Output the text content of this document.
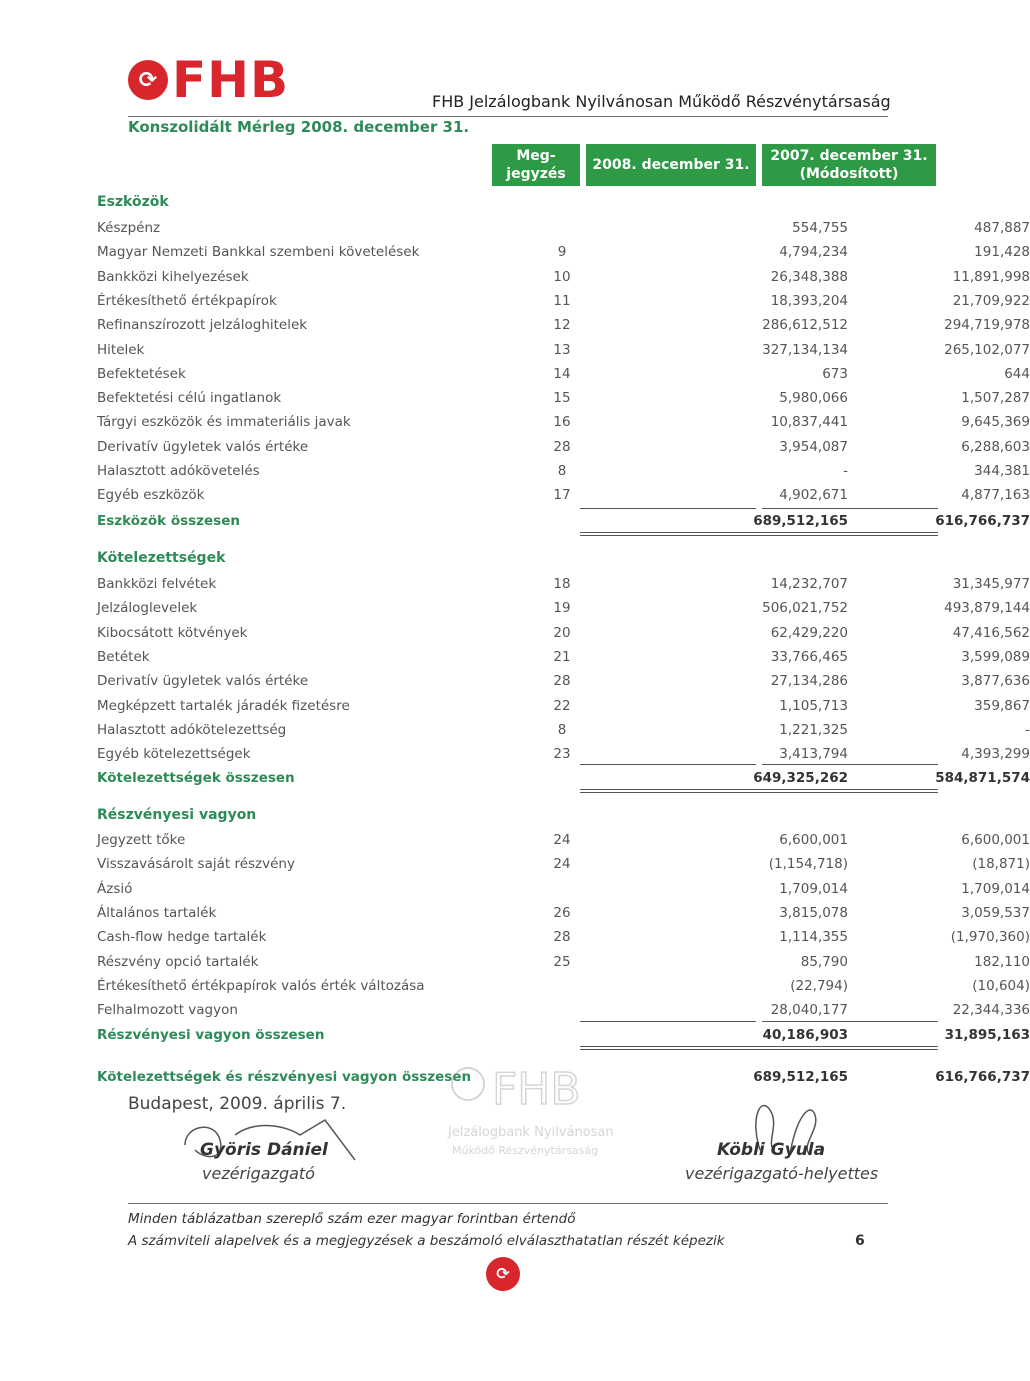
⟳ FHB	FHB Jelzálogbank Nyilvánosan Működő Részvénytársaság
Konszolidált Mérleg 2008. december 31.
Meg-
jegyzés
2008. december 31.
2007. december 31.
(Módosított)
Eszközök
Készpénz	554,755	487,887
Magyar Nemzeti Bankkal szembeni követelések	9	4,794,234	191,428
Bankközi kihelyezések	10	26,348,388	11,891,998
Értékesíthető értékpapírok	11	18,393,204	21,709,922
Refinanszírozott jelzáloghitelek	12	286,612,512	294,719,978
Hitelek	13	327,134,134	265,102,077
Befektetések	14	673	644
Befektetési célú ingatlanok	15	5,980,066	1,507,287
Tárgyi eszközök és immateriális javak	16	10,837,441	9,645,369
Derivatív ügyletek valós értéke	28	3,954,087	6,288,603
Halasztott adókövetelés	8	-	344,381
Egyéb eszközök	17	4,902,671	4,877,163
Eszközök összesen	689,512,165	616,766,737
Kötelezettségek
Bankközi felvétek	18	14,232,707	31,345,977
Jelzáloglevelek	19	506,021,752	493,879,144
Kibocsátott kötvények	20	62,429,220	47,416,562
Betétek	21	33,766,465	3,599,089
Derivatív ügyletek valós értéke	28	27,134,286	3,877,636
Megképzett tartalék járadék fizetésre	22	1,105,713	359,867
Halasztott adókötelezettség	8	1,221,325	-
Egyéb kötelezettségek	23	3,413,794	4,393,299
Kötelezettségek összesen	649,325,262	584,871,574
Részvényesi vagyon
Jegyzett tőke	24	6,600,001	6,600,001
Visszavásárolt saját részvény	24	(1,154,718)	(18,871)
Ázsió	1,709,014	1,709,014
Általános tartalék	26	3,815,078	3,059,537
Cash-flow hedge tartalék	28	1,114,355	(1,970,360)
Részvény opció tartalék	25	85,790	182,110
Értékesíthető értékpapírok valós érték változása	(22,794)	(10,604)
Felhalmozott vagyon	28,040,177	22,344,336
Részvényesi vagyon összesen	40,186,903	31,895,163
Kötelezettségek és részvényesi vagyon összesen	689,512,165	616,766,737
FHB
Jelzálogbank Nyilvánosan
Működő Részvénytársaság
Budapest, 2009. április 7.
Györis Dániel
vezérigazgató
Köbli Gyula
vezérigazgató-helyettes
Minden táblázatban szereplő szám ezer magyar forintban értendő
A számviteli alapelvek és a megjegyzések a beszámoló elválaszthatatlan részét képezik	6
⟳
